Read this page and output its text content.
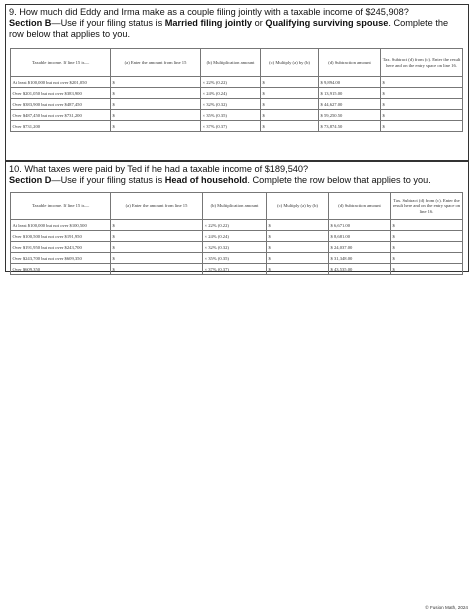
9. How much did Eddy and Irma make as a couple filing jointly with a taxable income of $245,908?
Section B—Use if your filing status is Married filing jointly or Qualifying surviving spouse. Complete the row below that applies to you.
Taxable income. If line 15 is—	(a) Enter the amount from line 15	(b) Multiplication amount	(c) Multiply (a) by (b)	(d) Subtraction amount	Tax. Subtract (d) from (c). Enter the result here and on the entry space on line 16.
At least $100,000 but not over $201,050	$	× 22% (0.22)	$	$ 9,894.00	$
Over $201,050 but not over $383,900	$	× 24% (0.24)	$	$ 13,915.00	$
Over $383,900 but not over $487,450	$	× 32% (0.32)	$	$ 44,627.00	$
Over $487,450 but not over $731,200	$	× 35% (0.35)	$	$ 59,250.50	$
Over $731,200	$	× 37% (0.37)	$	$ 73,874.50	$
10. What taxes were paid by Ted if he had a taxable income of $189,540?
Section D—Use if your filing status is Head of household. Complete the row below that applies to you.
Taxable income. If line 15 is—	(a) Enter the amount from line 15	(b) Multiplication amount	(c) Multiply (a) by (b)	(d) Subtraction amount	Tax. Subtract (d) from (c). Enter the result here and on the entry space on line 16.
At least $100,000 but not over $100,500	$	× 22% (0.22)	$	$ 6,671.00	$
Over $100,500 but not over $191,950	$	× 24% (0.24)	$	$ 8,681.00	$
Over $191,950 but not over $243,700	$	× 32% (0.32)	$	$ 24,037.00	$
Over $243,700 but not over $609,350	$	× 35% (0.35)	$	$ 31,348.00	$
Over $609,350	$	× 37% (0.37)	$	$ 43,535.00	$
© Fusion Math, 2024
